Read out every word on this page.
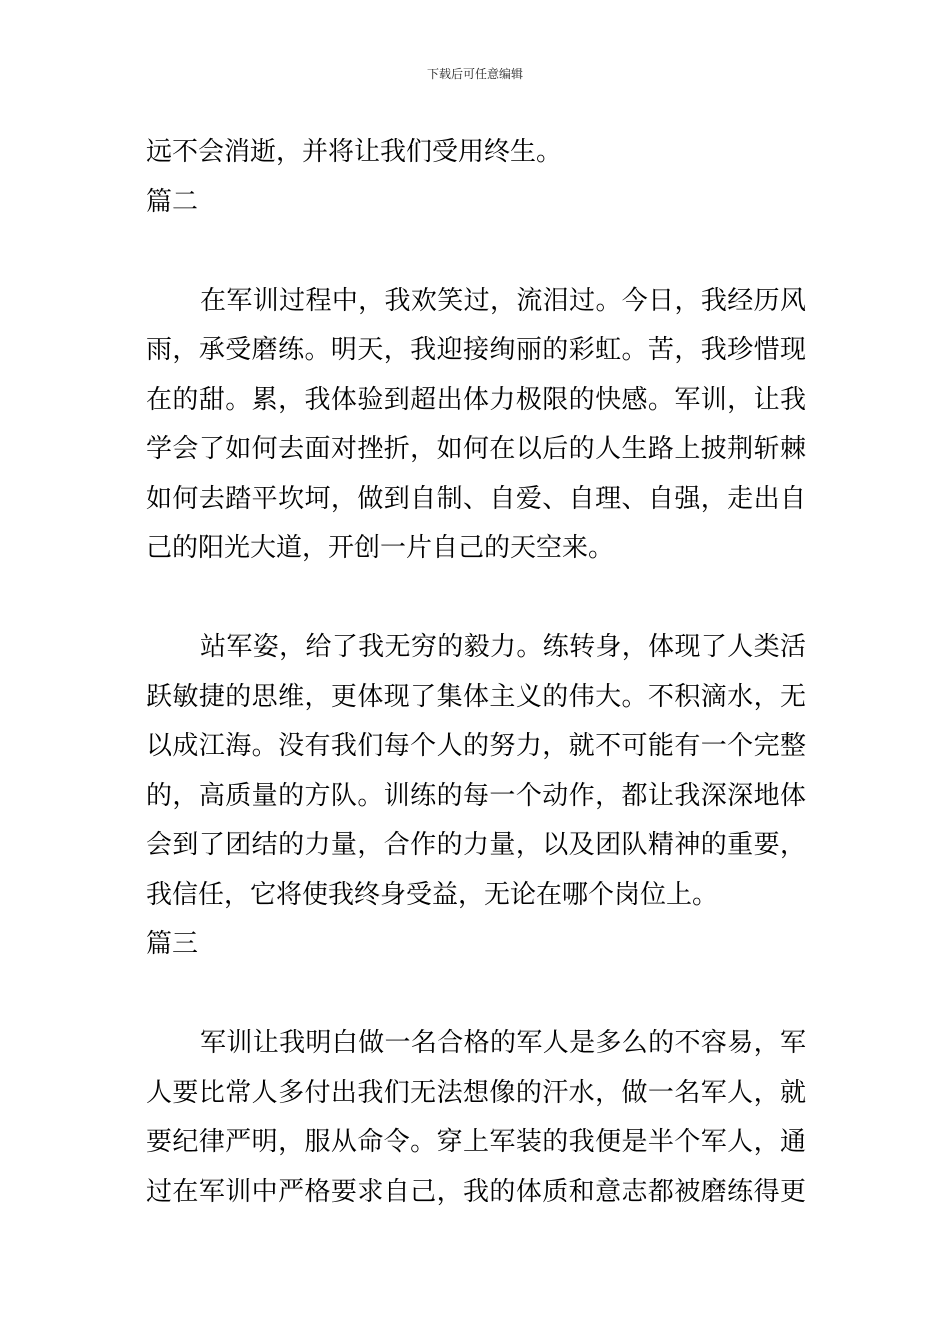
下载后可任意编辑
远不会消逝，并将让我们受用终生。
篇二
在军训过程中，我欢笑过，流泪过。今日，我经历风
雨，承受磨练。明天，我迎接绚丽的彩虹。苦，我珍惜现
在的甜。累，我体验到超出体力极限的快感。军训，让我
学会了如何去面对挫折，如何在以后的人生路上披荆斩棘
如何去踏平坎坷，做到自制、自爱、自理、自强，走出自
己的阳光大道，开创一片自己的天空来。
站军姿，给了我无穷的毅力。练转身，体现了人类活
跃敏捷的思维，更体现了集体主义的伟大。不积滴水，无
以成江海。没有我们每个人的努力，就不可能有一个完整
的，高质量的方队。训练的每一个动作，都让我深深地体
会到了团结的力量，合作的力量，以及团队精神的重要，
我信任，它将使我终身受益，无论在哪个岗位上。
篇三
军训让我明白做一名合格的军人是多么的不容易，军
人要比常人多付出我们无法想像的汗水，做一名军人，就
要纪律严明，服从命令。穿上军装的我便是半个军人，通
过在军训中严格要求自己，我的体质和意志都被磨练得更
